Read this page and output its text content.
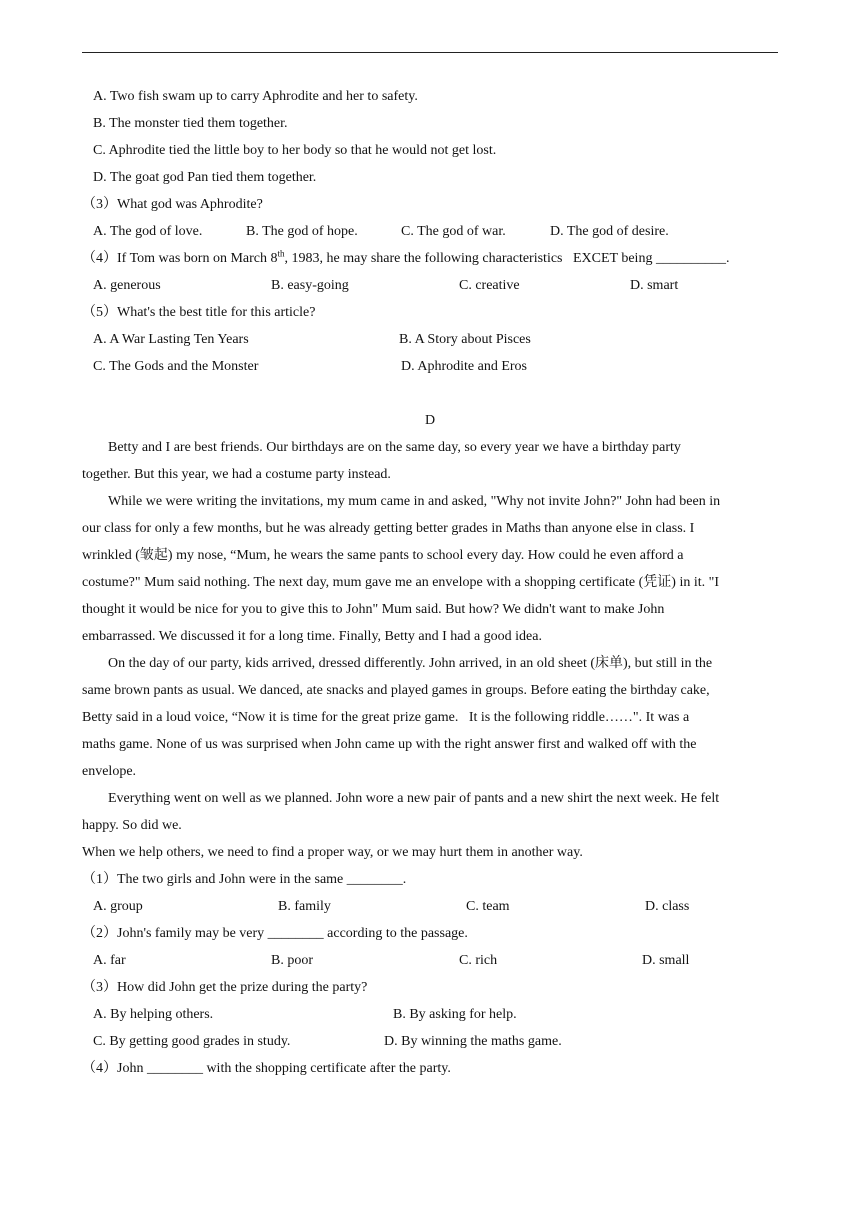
A. Two fish swam up to carry Aphrodite and her to safety.
B. The monster tied them together.
C. Aphrodite tied the little boy to her body so that he would not get lost.
D. The goat god Pan tied them together.
（3）What god was Aphrodite?
A. The god of love.	B. The god of hope.	C. The god of war.	D. The god of desire.
（4）If Tom was born on March 8th, 1983, he may share the following characteristics   EXCET being __________.
A. generous	B. easy-going	C. creative	D. smart
（5）What's the best title for this article?
A. A War Lasting Ten Years	B. A Story about Pisces
C. The Gods and the Monster	D. Aphrodite and Eros
D
Betty and I are best friends. Our birthdays are on the same day, so every year we have a birthday party
together. But this year, we had a costume party instead.
While we were writing the invitations, my mum came in and asked, "Why not invite John?" John had been in
our class for only a few months, but he was already getting better grades in Maths than anyone else in class. I
wrinkled (皱起) my nose, “Mum, he wears the same pants to school every day. How could he even afford a
costume?" Mum said nothing. The next day, mum gave me an envelope with a shopping certificate (凭证) in it. "I
thought it would be nice for you to give this to John" Mum said. But how? We didn't want to make John
embarrassed. We discussed it for a long time. Finally, Betty and I had a good idea.
On the day of our party, kids arrived, dressed differently. John arrived, in an old sheet (床单), but still in the
same brown pants as usual. We danced, ate snacks and played games in groups. Before eating the birthday cake,
Betty said in a loud voice, “Now it is time for the great prize game.   It is the following riddle……". It was a
maths game. None of us was surprised when John came up with the right answer first and walked off with the
envelope.
Everything went on well as we planned. John wore a new pair of pants and a new shirt the next week. He felt
happy. So did we.
When we help others, we need to find a proper way, or we may hurt them in another way.
（1）The two girls and John were in the same ________.
A. group	B. family	C. team	D. class
（2）John's family may be very ________ according to the passage.
A. far	B. poor	C. rich	D. small
（3）How did John get the prize during the party?
A. By helping others.	B. By asking for help.
C. By getting good grades in study.	D. By winning the maths game.
（4）John ________ with the shopping certificate after the party.
